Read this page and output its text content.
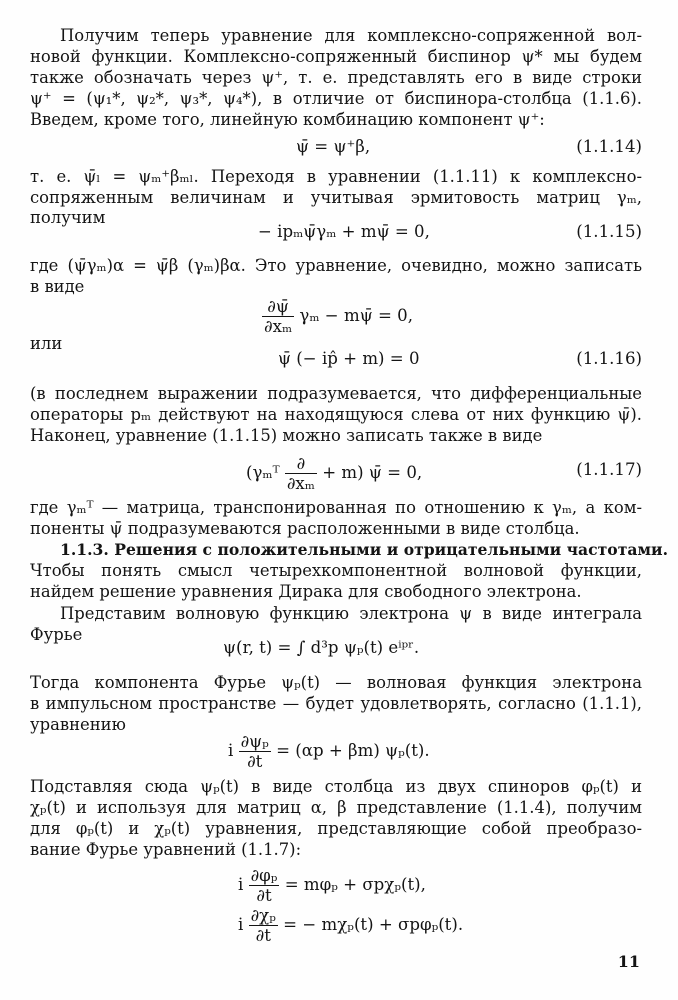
Получим теперь уравнение для комплексно-сопряженной вол-
новой функции. Комплексно-сопряженный биспинор ψ* мы будем
также обозначать через ψ⁺, т. е. представлять его в виде строки
ψ⁺ = (ψ₁*, ψ₂*, ψ₃*, ψ₄*), в отличие от биспинора-столбца (1.1.6).
Введем, кроме того, линейную комбинацию компонент ψ⁺:
ψ̄ = ψ⁺β,	(1.1.14)
т. е. ψ̄ₗ = ψₘ⁺βₘₗ. Переходя в уравнении (1.1.11) к комплексно-
сопряженным величинам и учитывая эрмитовость матриц γₘ,
получим
− ipₘψ̄γₘ + mψ̄ = 0,	(1.1.15)
где (ψ̄γₘ)α = ψ̄β (γₘ)βα. Это уравнение, очевидно, можно записать
в виде
$\frac{\partial\psī}{\text{∂xₘ}}$ γₘ − mψ̄ = 0,
или
ψ̄ (− ip̂ + m) = 0	(1.1.16)
(в последнем выражении подразумевается, что дифференциальные
операторы pₘ действуют на находящуюся слева от них функцию ψ̄).
Наконец, уравнение (1.1.15) можно записать также в виде
(γₘᵀ $\frac{\partial}{\text{∂xₘ}} + m$) ψ̄ = 0,	(1.1.17)
где γₘᵀ — матрица, транспонированная по отношению к γₘ, а ком-
поненты ψ̄ подразумеваются расположенными в виде столбца.
1.1.3. Решения с положительными и отрицательными частотами.
Чтобы понять смысл четырехкомпонентной волновой функции,
найдем решение уравнения Дирака для свободного электрона.
Представим волновую функцию электрона ψ в виде интеграла
Фурье
ψ(r, t) = ∫ d³p ψₚ(t) eⁱᵖʳ.
Тогда компонента Фурье ψₚ(t) — волновая функция электрона
в импульсном пространстве — будет удовлетворять, согласно (1.1.1),
уравнению
i $\frac{\text{∂ψₚ}}{\partial t} = (\alpha p + \beta m)$ ψₚ(t).
Подставляя сюда ψₚ(t) в виде столбца из двух спиноров φₚ(t) и
χₚ(t) и используя для матриц α, β представление (1.1.4), получим
для φₚ(t) и χₚ(t) уравнения, представляющие собой преобразо-
вание Фурье уравнений (1.1.7):
i $\frac{\text{∂φₚ}}{\partial t} = m\varphi_p + \sigma p\chi_p(t)$,
i $\frac{\text{∂χₚ}}{\partial t}$ = − mχₚ(t) + σpφₚ(t).
11
